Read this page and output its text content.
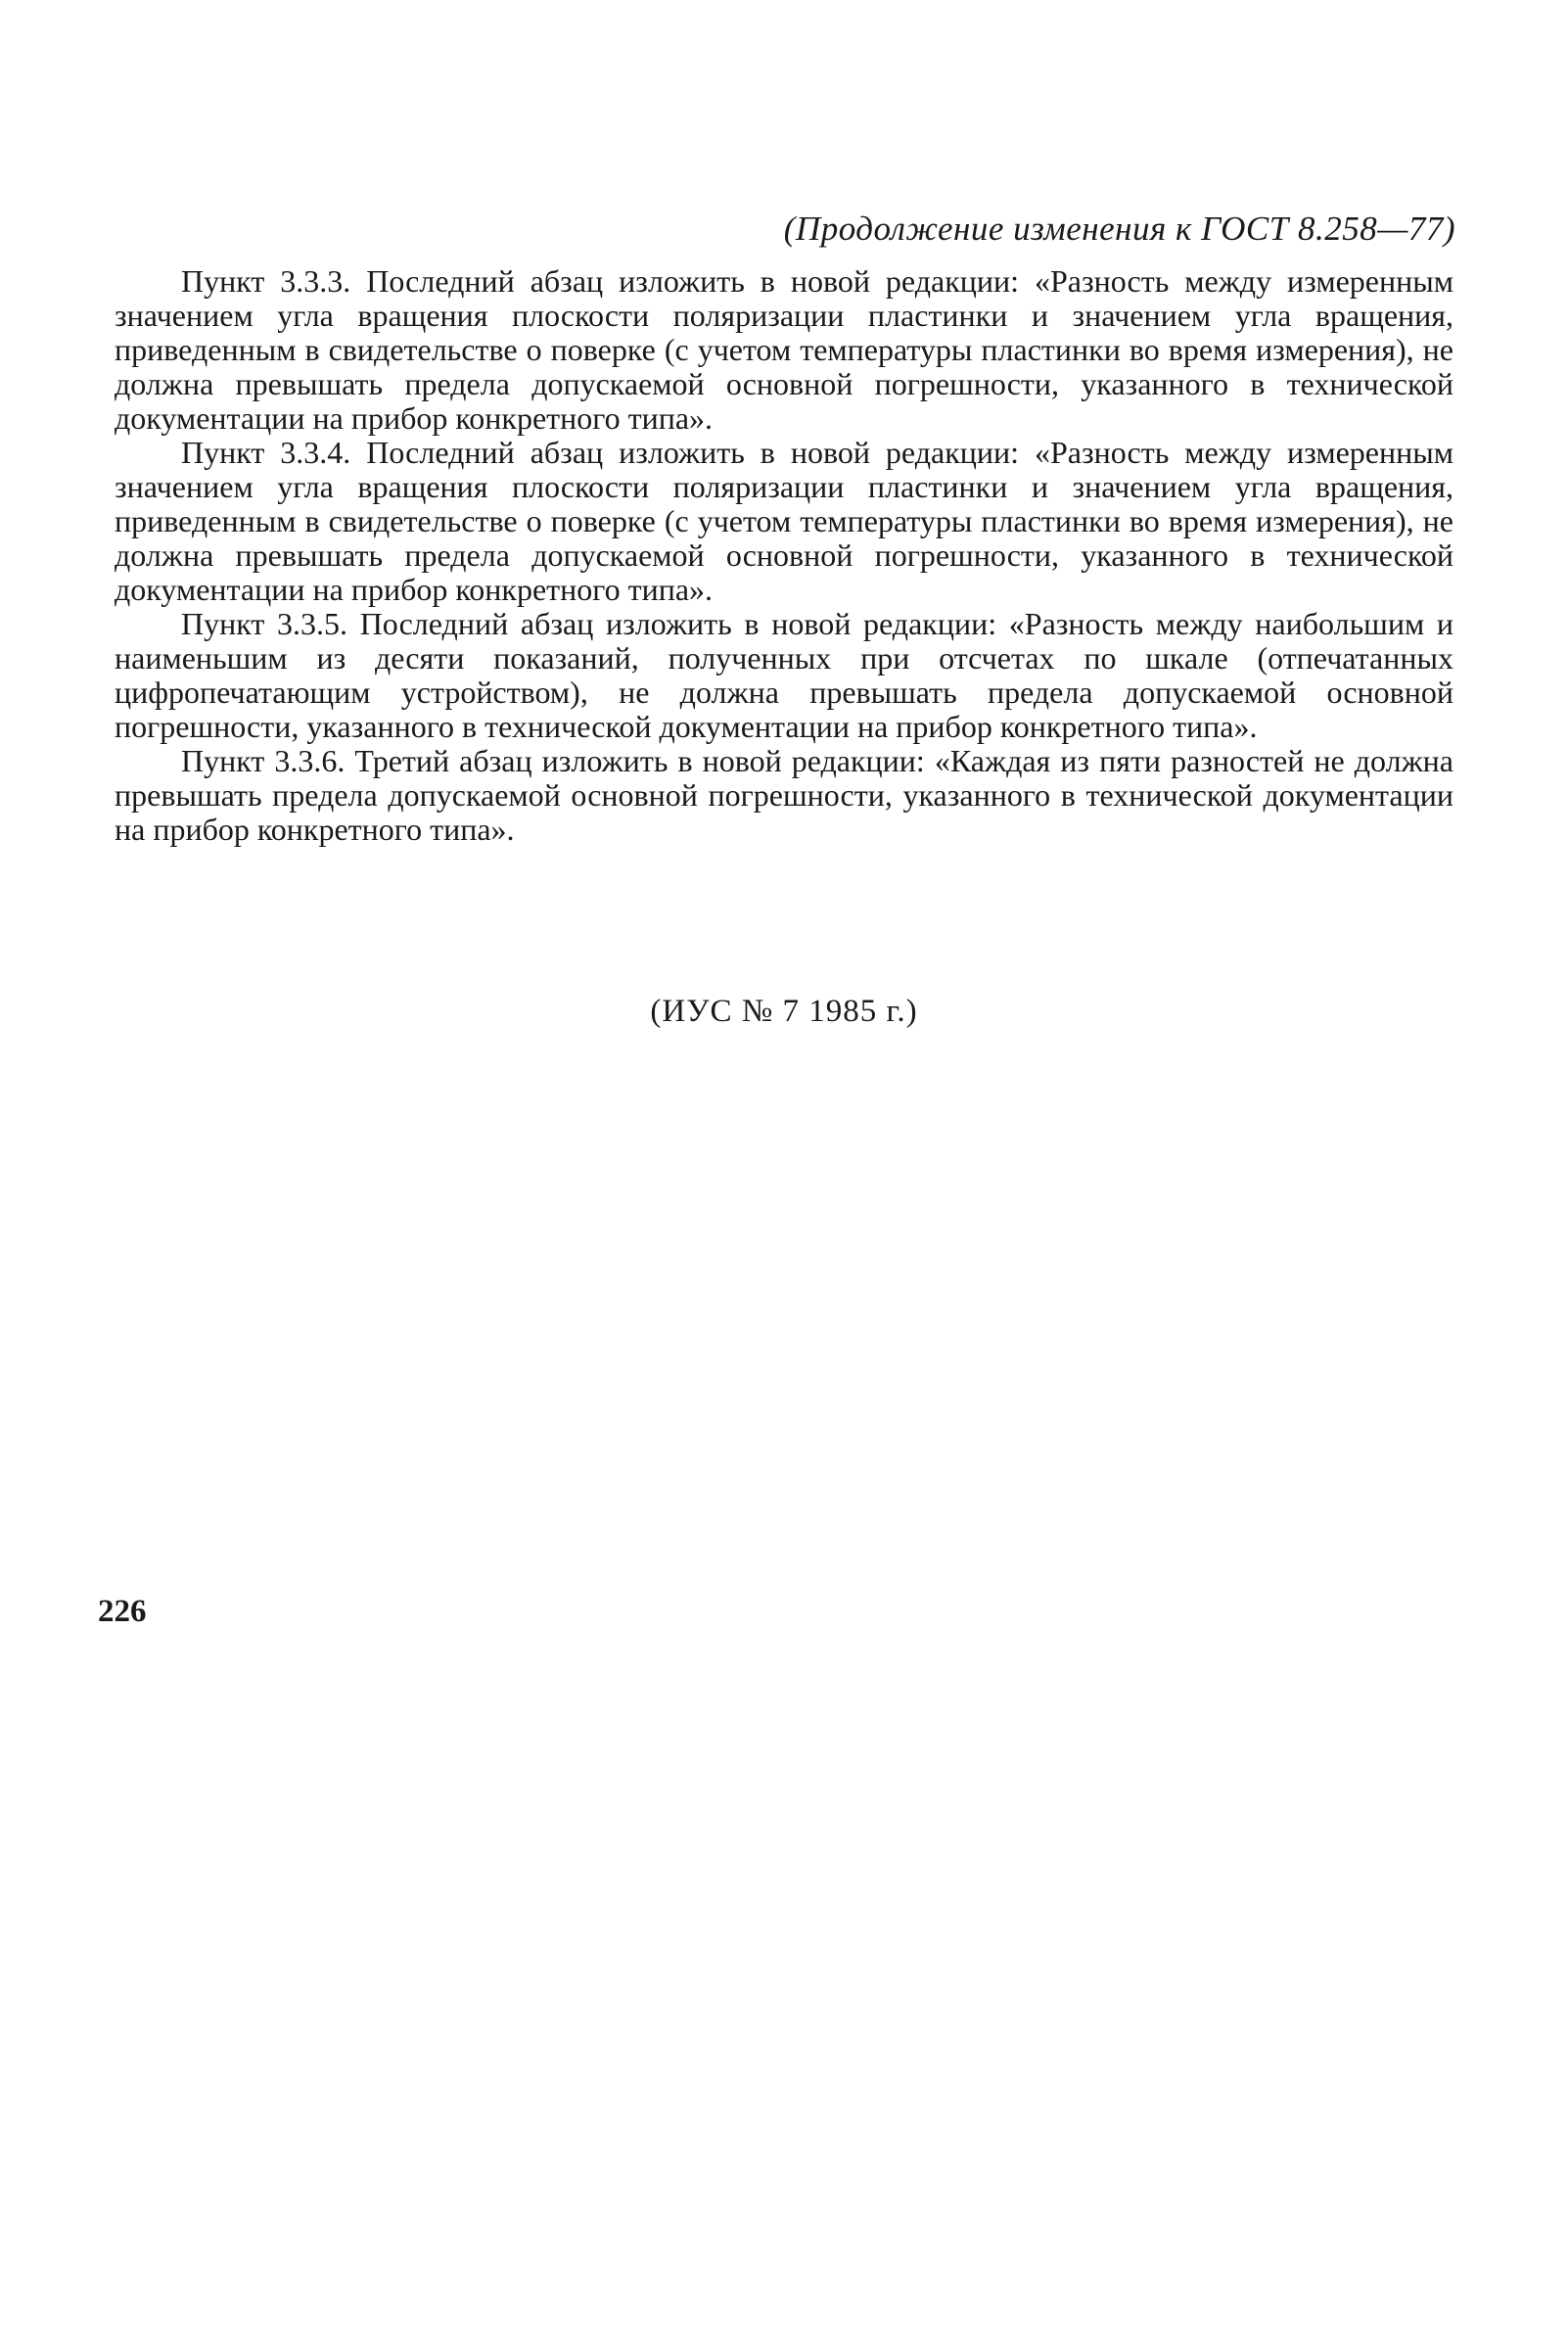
(Продолжение изменения к ГОСТ 8.258—77)
Пункт 3.3.3. Последний абзац изложить в новой редакции: «Разность между измеренным значением угла вращения плоскости поляризации пластинки и значением угла вращения, приведенным в свидетельстве о поверке (с учетом температуры пластинки во время измерения), не должна превышать предела допускаемой основной погрешности, указанного в технической документации на прибор конкретного типа».
Пункт 3.3.4. Последний абзац изложить в новой редакции: «Разность между измеренным значением угла вращения плоскости поляризации пластинки и значением угла вращения, приведенным в свидетельстве о поверке (с учетом температуры пластинки во время измерения), не должна превышать предела допускаемой основной погрешности, указанного в технической документации на прибор конкретного типа».
Пункт 3.3.5. Последний абзац изложить в новой редакции: «Разность между наибольшим и наименьшим из десяти показаний, полученных при отсчетах по шкале (отпечатанных цифропечатающим устройством), не должна превышать предела допускаемой основной погрешности, указанного в технической документации на прибор конкретного типа».
Пункт 3.3.6. Третий абзац изложить в новой редакции: «Каждая из пяти разностей не должна превышать предела допускаемой основной погрешности, указанного в технической документации на прибор конкретного типа».
(ИУС № 7 1985 г.)
226
